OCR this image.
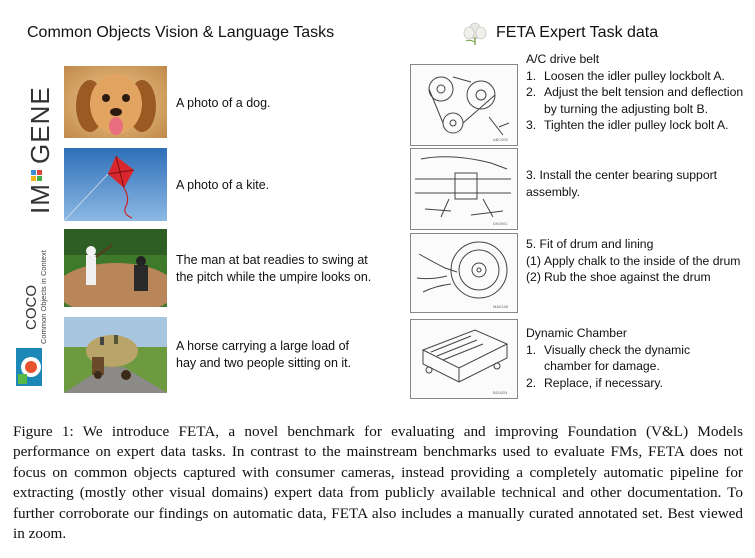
Common Objects Vision & Language Tasks
IM
GENET
COCO Common Objects in Context
A photo of a dog.
A photo of a kite.
The man at bat readies to swing at the pitch while the umpire looks on.
A horse carrying a large load of hay and two people sitting on it.
FETA Expert Task data
ABC000
DK0001
MA0128
BD0024
A/C drive belt
1. Loosen the idler pulley lockbolt A.
2. Adjust the belt tension and deflection by turning the adjusting bolt B.
3. Tighten the idler pulley lock bolt A.
3. Install the center bearing support assembly.
5. Fit of drum and lining
(1) Apply chalk to the inside of the drum
(2) Rub the shoe against the drum
Dynamic Chamber
1. Visually check the dynamic chamber for damage.
2. Replace, if necessary.
Figure 1: We introduce FETA, a novel benchmark for evaluating and improving Foundation (V&L) Models performance on expert data tasks. In contrast to the mainstream benchmarks used to evaluate FMs, FETA does not focus on common objects captured with consumer cameras, instead providing a completely automatic pipeline for extracting (mostly other visual domains) expert data from publicly available technical and other documentation. To further corroborate our findings on automatic data, FETA also includes a manually curated annotated set. Best viewed in zoom.
